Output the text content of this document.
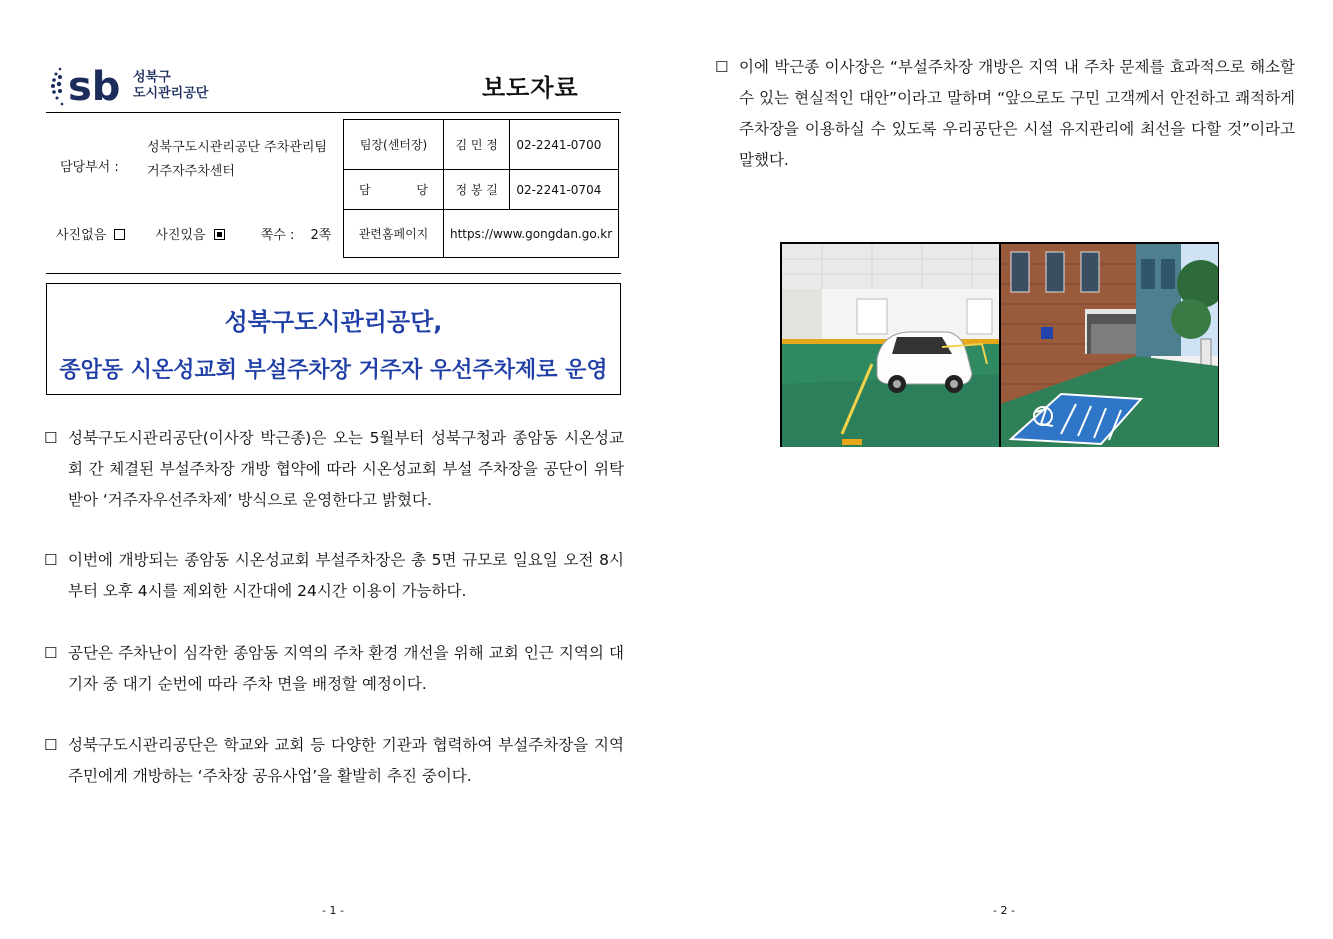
sb 성북구
도시관리공단	보도자료
성북구도시관리공단 주차관리팀
담당부서 : 거주자주차센터
사진없음	사진있음	쪽수 : 2쪽
팀장(센터장)	김 민 정	02-2241-0700
담            당	정 봉 길	02-2241-0704
관련홈페이지	https://www.gongdan.go.kr	
성북구도시관리공단,
종암동 시온성교회 부설주차장 거주자 우선주차제로 운영
☐ 성북구도시관리공단(이사장 박근종)은 오는 5월부터 성북구청과 종암동 시온성교회 간 체결된 부설주차장 개방 협약에 따라 시온성교회 부설 주차장을 공단이 위탁받아 ‘거주자우선주차제’ 방식으로 운영한다고 밝혔다.
☐ 이번에 개방되는 종암동 시온성교회 부설주차장은 총 5면 규모로 일요일 오전 8시부터 오후 4시를 제외한 시간대에 24시간 이용이 가능하다.
☐ 공단은 주차난이 심각한 종암동 지역의 주차 환경 개선을 위해 교회 인근 지역의 대기자 중 대기 순번에 따라 주차 면을 배정할 예정이다.
☐ 성북구도시관리공단은 학교와 교회 등 다양한 기관과 협력하여 부설주차장을 지역 주민에게 개방하는 ‘주차장 공유사업’을 활발히 추진 중이다.
- 1 -
☐ 이에 박근종 이사장은 “부설주차장 개방은 지역 내 주차 문제를 효과적으로 해소할 수 있는 현실적인 대안”이라고 말하며 “앞으로도 구민 고객께서 안전하고 쾌적하게 주차장을 이용하실 수 있도록 우리공단은 시설 유지관리에 최선을 다할 것”이라고 말했다.
- 2 -
